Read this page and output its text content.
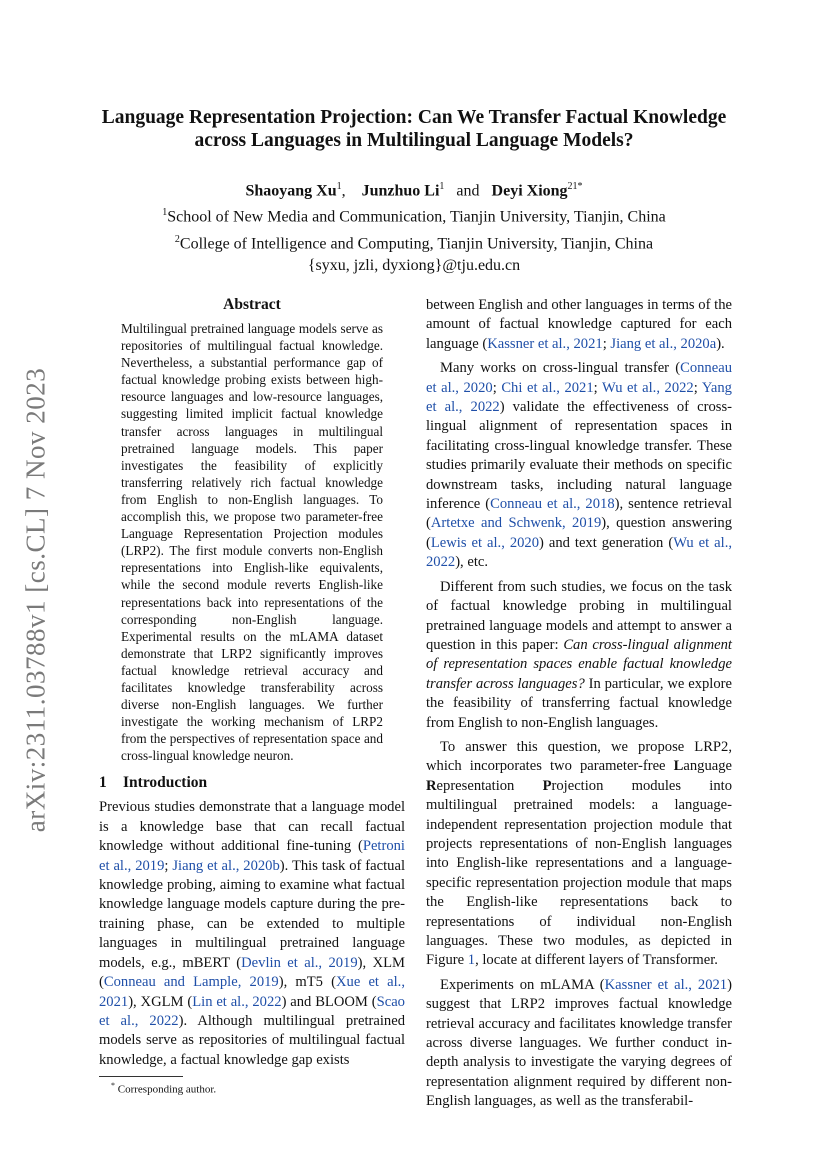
arXiv:2311.03788v1 [cs.CL] 7 Nov 2023
Language Representation Projection: Can We Transfer Factual Knowledge
across Languages in Multilingual Language Models?
Shaoyang Xu$^1$,    Junzhuo Li$^1$ and Deyi Xiong$^{21*}$
$^1$School of New Media and Communication, Tianjin University, Tianjin, China
$^2$College of Intelligence and Computing, Tianjin University, Tianjin, China
{syxu, jzli, dyxiong}@tju.edu.cn
Abstract

Multilingual pretrained language models serve as repositories of multilingual factual knowledge. Nevertheless, a substantial performance gap of factual knowledge probing exists between high-resource languages and low-resource languages, suggesting limited implicit factual knowledge transfer across languages in multilingual pretrained language models. This paper investigates the feasibility of explicitly transferring relatively rich factual knowledge from English to non-English languages. To accomplish this, we propose two parameter-free Language Representation Projection modules (LRP2). The first module converts non-English representations into English-like equivalents, while the second module reverts English-like representations back into representations of the corresponding non-English language. Experimental results on the mLAMA dataset demonstrate that LRP2 significantly improves factual knowledge retrieval accuracy and facilitates knowledge transferability across diverse non-English languages. We further investigate the working mechanism of LRP2 from the perspectives of representation space and cross-lingual knowledge neuron.

1 Introduction

Previous studies demonstrate that a language model is a knowledge base that can recall factual knowledge without additional fine-tuning (Petroni et al., 2019; Jiang et al., 2020b). This task of factual knowledge probing, aiming to examine what factual knowledge language models capture during the pre-training phase, can be extended to multiple languages in multilingual pretrained language models, e.g., mBERT (Devlin et al., 2019), XLM (Conneau and Lample, 2019), mT5 (Xue et al., 2021), XGLM (Lin et al., 2022) and BLOOM (Scao et al., 2022). Although multilingual pretrained models serve as repositories of multilingual factual knowledge, a factual knowledge gap exists

* Corresponding author.

between English and other languages in terms of the amount of factual knowledge captured for each language (Kassner et al., 2021; Jiang et al., 2020a).

Many works on cross-lingual transfer (Conneau et al., 2020; Chi et al., 2021; Wu et al., 2022; Yang et al., 2022) validate the effectiveness of cross-lingual alignment of representation spaces in facilitating cross-lingual knowledge transfer. These studies primarily evaluate their methods on specific downstream tasks, including natural language inference (Conneau et al., 2018), sentence retrieval (Artetxe and Schwenk, 2019), question answering (Lewis et al., 2020) and text generation (Wu et al., 2022), etc.

Different from such studies, we focus on the task of factual knowledge probing in multilingual pretrained language models and attempt to answer a question in this paper: Can cross-lingual alignment of representation spaces enable factual knowledge transfer across languages? In particular, we explore the feasibility of transferring factual knowledge from English to non-English languages.

To answer this question, we propose LRP2, which incorporates two parameter-free Language Representation Projection modules into multilingual pretrained models: a language-independent representation projection module that projects representations of non-English languages into English-like representations and a language-specific representation projection module that maps the English-like representations back to representations of individual non-English languages. These two modules, as depicted in Figure 1, locate at different layers of Transformer.

Experiments on mLAMA (Kassner et al., 2021) suggest that LRP2 improves factual knowledge retrieval accuracy and facilitates knowledge transfer across diverse languages. We further conduct in-depth analysis to investigate the varying degrees of representation alignment required by different non-English languages, as well as the transferabil-
